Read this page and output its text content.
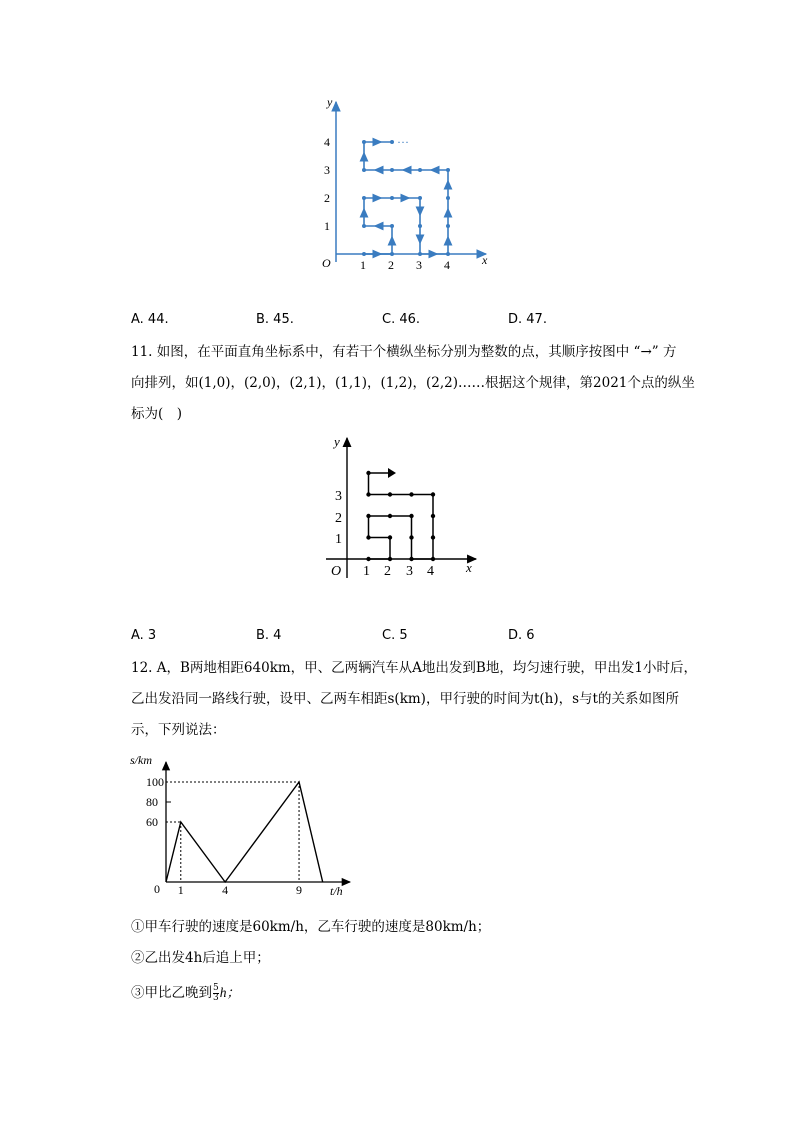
y
x
O 1 2 3 4
1
2
3
4	···
A. 44.	B. 45.	C. 46.	D. 47.
11. 如图，在平面直角坐标系中，有若干个横纵坐标分别为整数的点，其顺序按图中 “→” 方
向排列，如(1,0)，(2,0)，(2,1)，(1,1)，(1,2)，(2,2)……根据这个规律，第2021个点的纵坐
标为(　)
y
x
O 1 2 3 4
1
2
3
A. 3	B. 4	C. 5	D. 6
12. A，B两地相距640km，甲、乙两辆汽车从A地出发到B地，均匀速行驶，甲出发1小时后，
乙出发沿同一路线行驶，设甲、乙两车相距s(km)，甲行驶的时间为t(h)，s与t的关系如图所
示，下列说法：
s/km
t/h
0
60
80
100
1	4	9
①甲车行驶的速度是60km/h，乙车行驶的速度是80km/h；
②乙出发4h后追上甲；
③甲比乙晚到 $\frac{5}{3}$ h；
